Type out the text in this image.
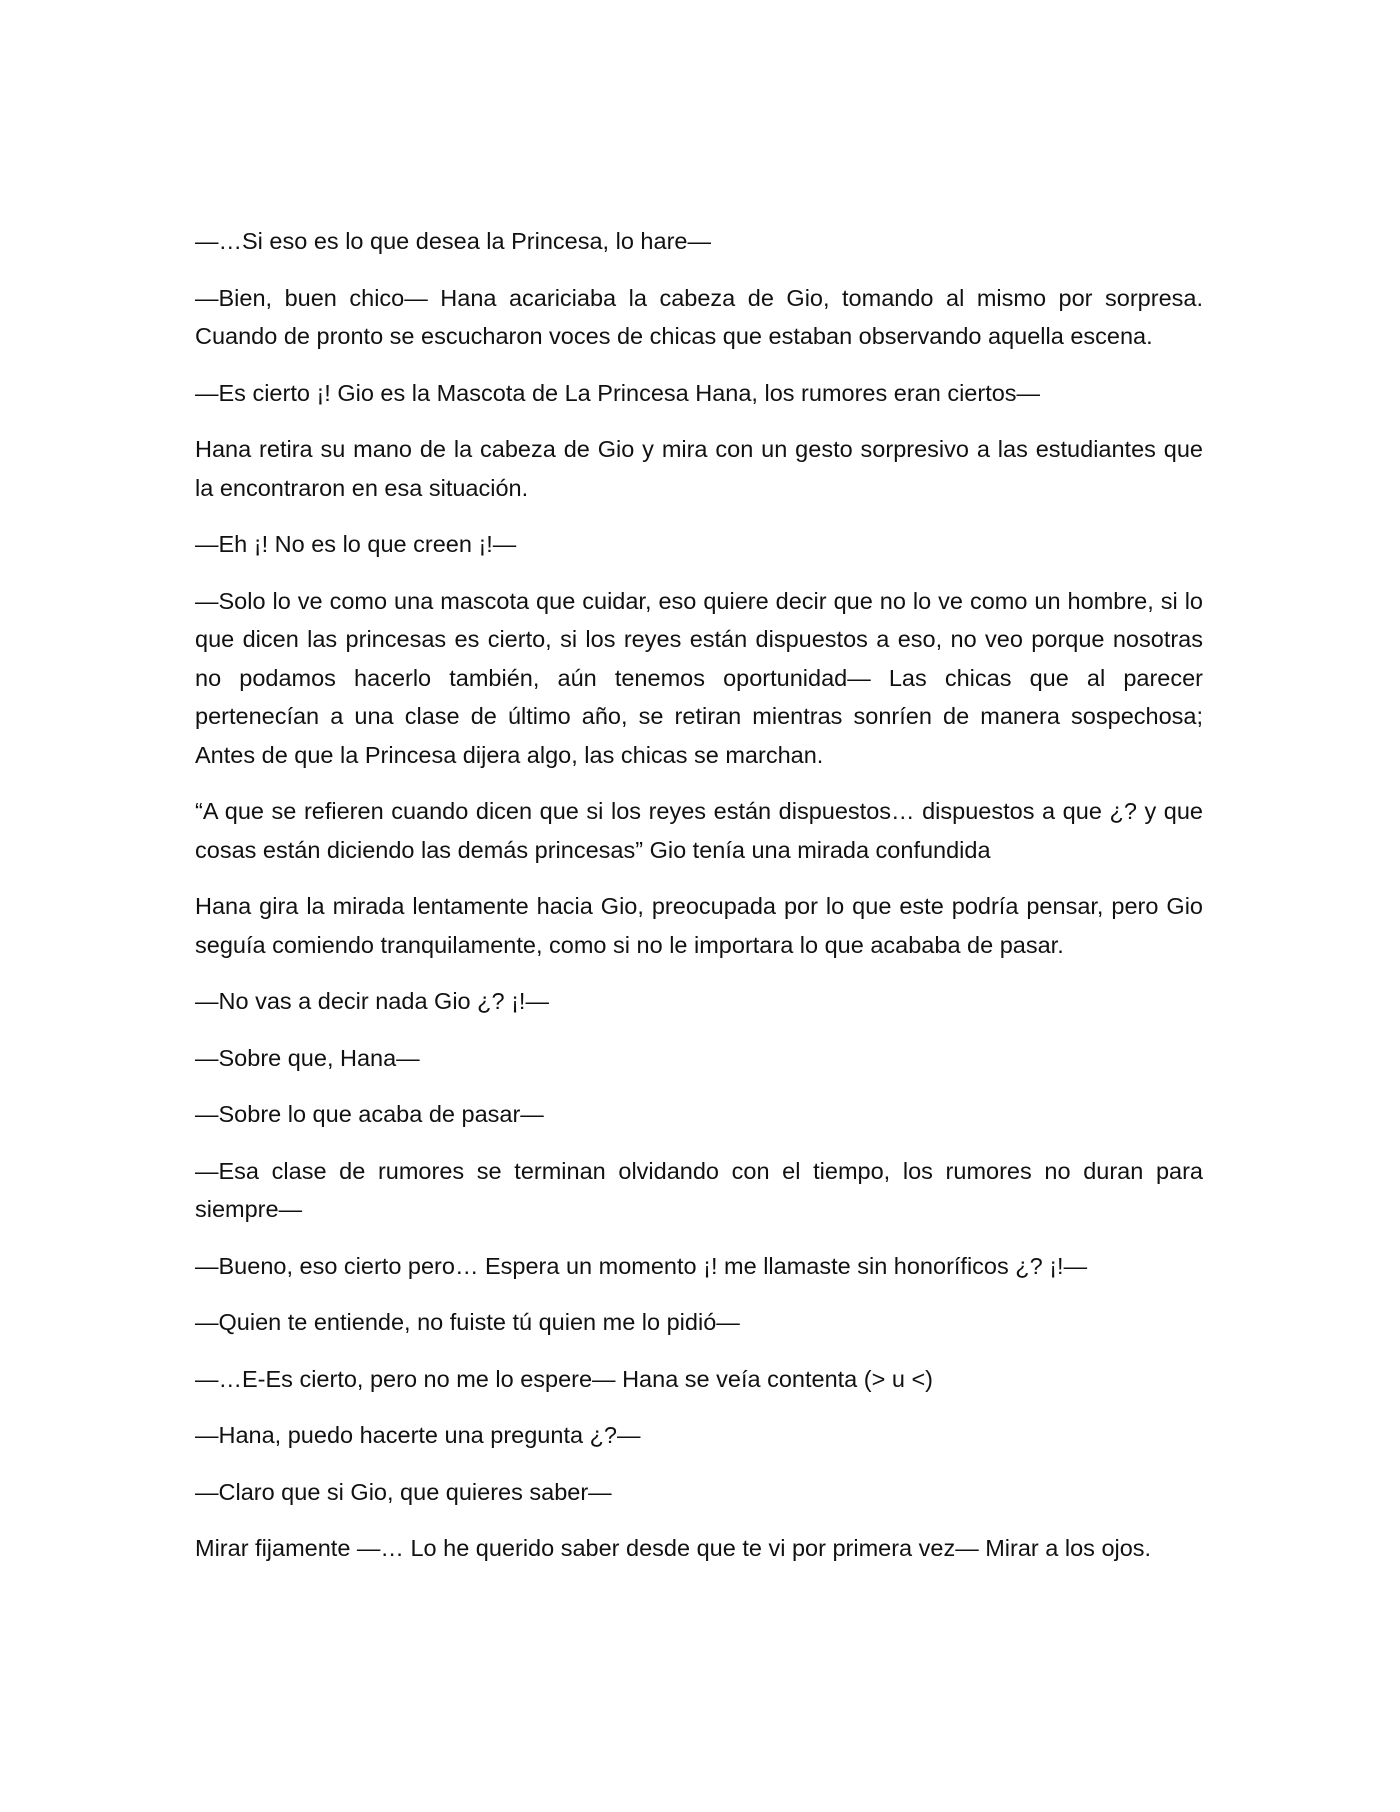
—…Si eso es lo que desea la Princesa, lo hare—

—Bien, buen chico— Hana acariciaba la cabeza de Gio, tomando al mismo por sorpresa. Cuando de pronto se escucharon voces de chicas que estaban observando aquella escena.

—Es cierto ¡! Gio es la Mascota de La Princesa Hana, los rumores eran ciertos—

Hana retira su mano de la cabeza de Gio y mira con un gesto sorpresivo a las estudiantes que la encontraron en esa situación.

—Eh ¡! No es lo que creen ¡!—

—Solo lo ve como una mascota que cuidar, eso quiere decir que no lo ve como un hombre, si lo que dicen las princesas es cierto, si los reyes están dispuestos a eso, no veo porque nosotras no podamos hacerlo también, aún tenemos oportunidad— Las chicas que al parecer pertenecían a una clase de último año, se retiran mientras sonríen de manera sospechosa; Antes de que la Princesa dijera algo, las chicas se marchan.

“A que se refieren cuando dicen que si los reyes están dispuestos… dispuestos a que ¿? y que cosas están diciendo las demás princesas” Gio tenía una mirada confundida

Hana gira la mirada lentamente hacia Gio, preocupada por lo que este podría pensar, pero Gio seguía comiendo tranquilamente, como si no le importara lo que acababa de pasar.

—No vas a decir nada Gio ¿? ¡!—

—Sobre que, Hana—

—Sobre lo que acaba de pasar—

—Esa clase de rumores se terminan olvidando con el tiempo, los rumores no duran para siempre—

—Bueno, eso cierto pero… Espera un momento ¡! me llamaste sin honoríficos ¿? ¡!—

—Quien te entiende, no fuiste tú quien me lo pidió—

—…E-Es cierto, pero no me lo espere— Hana se veía contenta (> u <)

—Hana, puedo hacerte una pregunta ¿?—

—Claro que si Gio, que quieres saber—

Mirar fijamente —… Lo he querido saber desde que te vi por primera vez— Mirar a los ojos.
